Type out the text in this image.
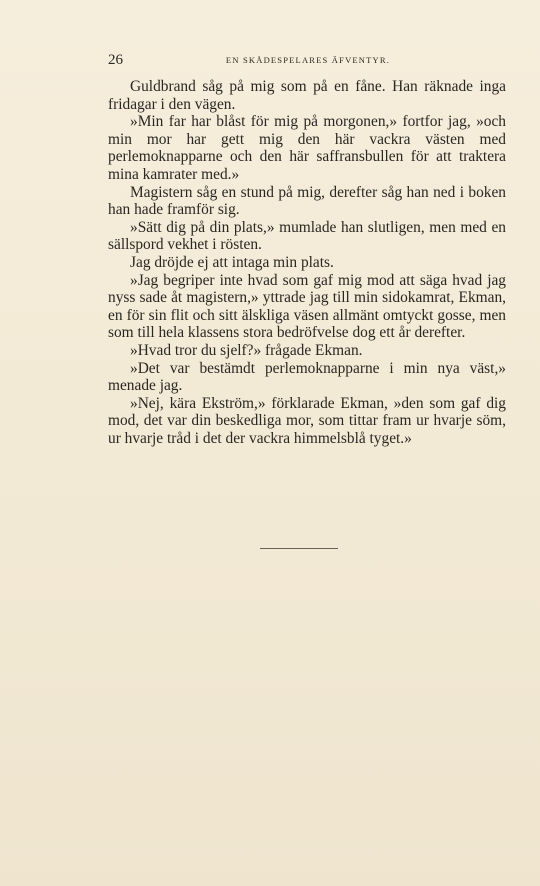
26	EN SKÅDESPELARES ÄFVENTYR.

Guldbrand såg på mig som på en fåne. Han räknade inga fridagar i den vägen.

»Min far har blåst för mig på morgonen,» fortfor jag, »och min mor har gett mig den här vackra västen med perlemoknapparne och den här saffransbullen för att traktera mina kamrater med.»

Magistern såg en stund på mig, derefter såg han ned i boken han hade framför sig.

»Sätt dig på din plats,» mumlade han slutligen, men med en sällspord vekhet i rösten.

Jag dröjde ej att intaga min plats.

»Jag begriper inte hvad som gaf mig mod att säga hvad jag nyss sade åt magistern,» yttrade jag till min sidokamrat, Ekman, en för sin flit och sitt älskliga väsen allmänt omtyckt gosse, men som till hela klassens stora bedröfvelse dog ett år derefter.

»Hvad tror du sjelf?» frågade Ekman.

»Det var bestämdt perlemoknapparne i min nya väst,» menade jag.

»Nej, kära Ekström,» förklarade Ekman, »den som gaf dig mod, det var din beskedliga mor, som tittar fram ur hvarje söm, ur hvarje tråd i det der vackra himmelsblå tyget.»
